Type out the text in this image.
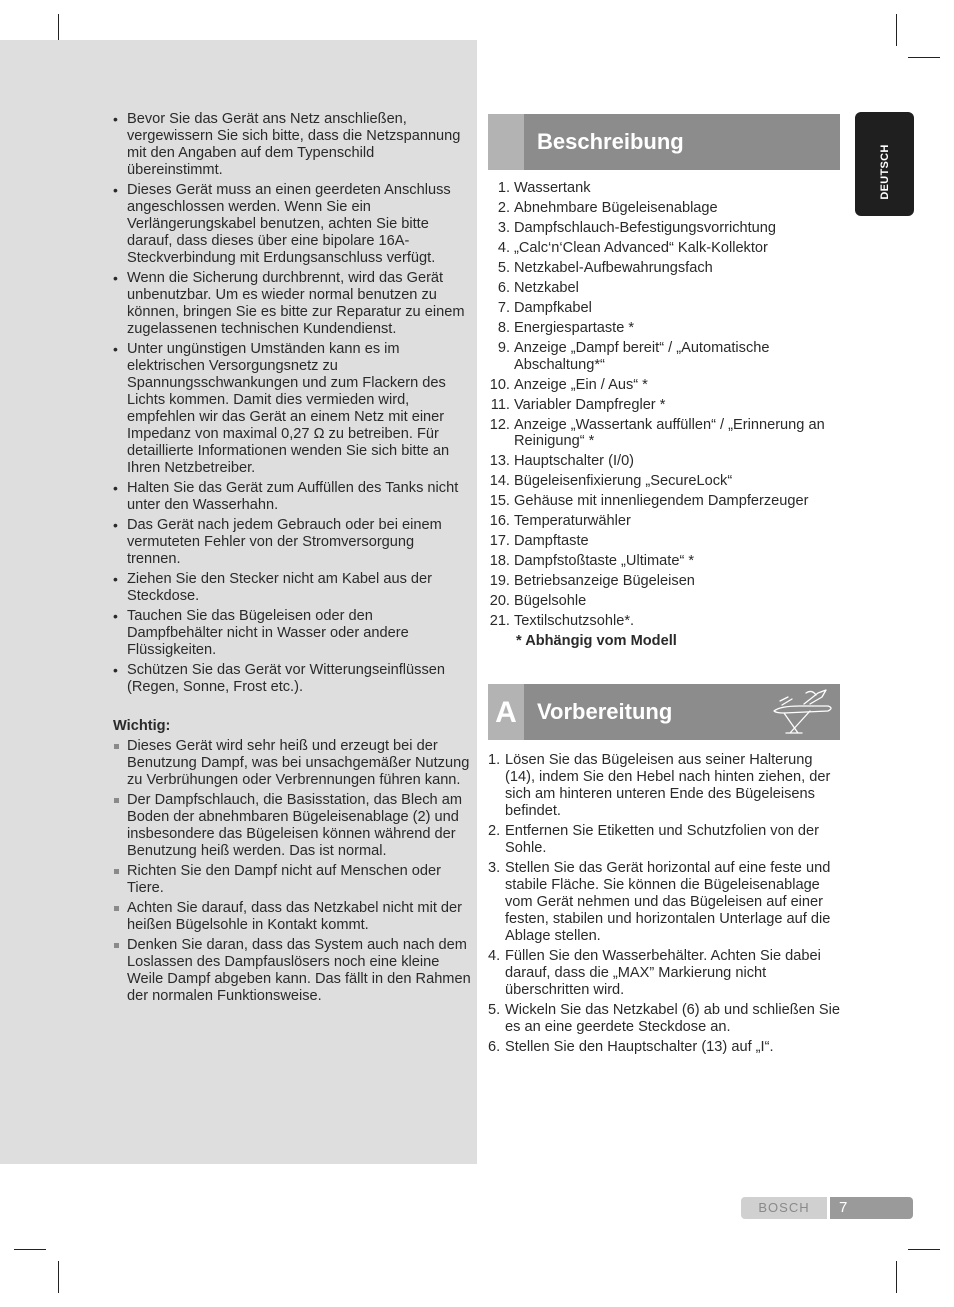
• Bevor Sie das Gerät ans Netz anschließen, vergewissern Sie sich bitte, dass die Netzspannung mit den Angaben auf dem Typenschild übereinstimmt.
• Dieses Gerät muss an einen geerdeten Anschluss angeschlossen werden. Wenn Sie ein Verlängerungskabel benutzen, achten Sie bitte darauf, dass dieses über eine bipolare 16A-Steckverbindung mit Erdungsanschluss verfügt.
• Wenn die Sicherung durchbrennt, wird das Gerät unbenutzbar. Um es wieder normal benutzen zu können, bringen Sie es bitte zur Reparatur zu einem zugelassenen technischen Kundendienst.
• Unter ungünstigen Umständen kann es im elektrischen Versorgungsnetz zu Spannungsschwankungen und zum Flackern des Lichts kommen. Damit dies vermieden wird, empfehlen wir das Gerät an einem Netz mit einer Impedanz von maximal 0,27 Ω zu betreiben. Für detaillierte Informationen wenden Sie sich bitte an Ihren Netzbetreiber.
• Halten Sie das Gerät zum Auffüllen des Tanks nicht unter den Wasserhahn.
• Das Gerät nach jedem Gebrauch oder bei einem vermuteten Fehler von der Stromversorgung trennen.
• Ziehen Sie den Stecker nicht am Kabel aus der Steckdose.
• Tauchen Sie das Bügeleisen oder den Dampfbehälter nicht in Wasser oder andere Flüssigkeiten.
• Schützen Sie das Gerät vor Witterungseinflüssen (Regen, Sonne, Frost etc.).
Wichtig:
Dieses Gerät wird sehr heiß und erzeugt bei der Benutzung Dampf, was bei unsachgemäßer Nutzung zu Verbrühungen oder Verbrennungen führen kann.
Der Dampfschlauch, die Basisstation, das Blech am Boden der abnehmbaren Bügeleisenablage (2) und insbesondere das Bügeleisen können während der Benutzung heiß werden. Das ist normal.
Richten Sie den Dampf nicht auf Menschen oder Tiere.
Achten Sie darauf, dass das Netzkabel nicht mit der heißen Bügelsohle in Kontakt kommt.
Denken Sie daran, dass das System auch nach dem Loslassen des Dampfauslösers noch eine kleine Weile Dampf abgeben kann. Das fällt in den Rahmen der normalen Funktionsweise.
Beschreibung
1. Wassertank
2. Abnehmbare Bügeleisenablage
3. Dampfschlauch-Befestigungsvorrichtung
4. „Calc‘n‘Clean Advanced“ Kalk-Kollektor
5. Netzkabel-Aufbewahrungsfach
6. Netzkabel
7. Dampfkabel
8. Energiespartaste *
9. Anzeige „Dampf bereit“ / „Automatische Abschaltung*“
10. Anzeige „Ein / Aus“ *
11. Variabler Dampfregler *
12. Anzeige „Wassertank auffüllen“ / „Erinnerung an Reinigung“ *
13. Hauptschalter (I/0)
14. Bügeleisenfixierung „SecureLock“
15. Gehäuse mit innenliegendem Dampferzeuger
16. Temperaturwähler
17. Dampftaste
18. Dampfstoßtaste „Ultimate“ *
19. Betriebsanzeige Bügeleisen
20. Bügelsohle
21. Textilschutzsohle*.
* Abhängig vom Modell
A Vorbereitung
1. Lösen Sie das Bügeleisen aus seiner Halterung (14), indem Sie den Hebel nach hinten ziehen, der sich am hinteren unteren Ende des Bügeleisens befindet.
2. Entfernen Sie Etiketten und Schutzfolien von der Sohle.
3. Stellen Sie das Gerät horizontal auf eine feste und stabile Fläche. Sie können die Bügeleisenablage vom Gerät nehmen und das Bügeleisen auf einer festen, stabilen und horizontalen Unterlage auf die Ablage stellen.
4. Füllen Sie den Wasserbehälter. Achten Sie dabei darauf, dass die „MAX” Markierung nicht überschritten wird.
5. Wickeln Sie das Netzkabel (6) ab und schließen Sie es an eine geerdete Steckdose an.
6. Stellen Sie den Hauptschalter (13) auf „I“.
DEUTSCH
BOSCH	7
